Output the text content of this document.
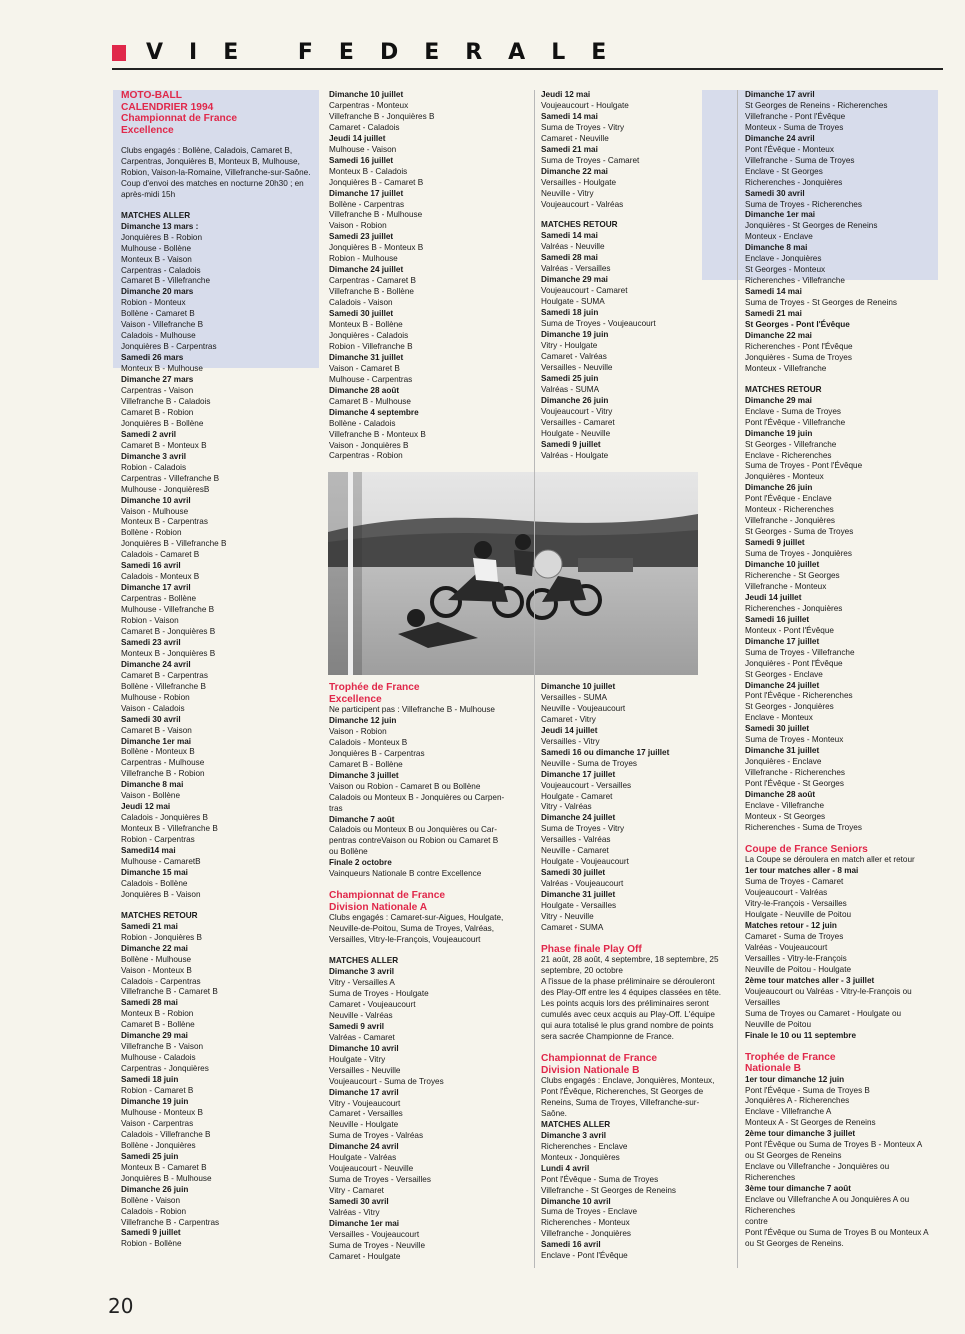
VIE FEDERALE
MOTO-BALL
CALENDRIER 1994
Championnat de France
Excellence
Clubs engagés : Bollène, Caladois, Camaret B, Carpentras, Jonquières B, Monteux B, Mulhouse, Robion, Vaison-la-Romaine, Villefranche-sur-Saône.
Coup d'envoi des matches en nocturne 20h30 ; en après-midi 15h
MATCHES ALLER
Dimanche 13 mars :
Jonquières B - Robion
Mulhouse - Bollène
Monteux B - Vaison
Carpentras - Caladois
Camaret B - Villefranche
Dimanche 20 mars
Robion - Monteux
Bollène - Camaret B
Vaison - Villefranche B
Caladois - Mulhouse
Jonquières B - Carpentras
Samedi 26 mars
Monteux B - Mulhouse
Dimanche 27 mars
Carpentras - Vaison
Villefranche B - Caladois
Camaret B - Robion
Jonquières B - Bollène
Samedi 2 avril
Camaret B - Monteux B
Dimanche 3 avril
Robion - Caladois
Carpentras - Villefranche B
Mulhouse - JonquièresB
Dimanche 10 avril
Vaison - Mulhouse
Monteux B - Carpentras
Bollène - Robion
Jonquières B - Villefranche B
Caladois - Camaret B
Samedi 16 avril
Caladois - Monteux B
Dimanche 17 avril
Carpentras - Bollène
Mulhouse - Villefranche B
Robion - Vaison
Camaret B - Jonquières B
Samedi 23 avril
Monteux B - Jonquières B
Dimanche 24 avril
Camaret B - Carpentras
Bollène - Villefranche B
Mulhouse - Robion
Vaison - Caladois
Samedi 30 avril
Camaret B - Vaison
Dimanche 1er mai
Bollène - Monteux B
Carpentras - Mulhouse
Villefranche B - Robion
Dimanche 8 mai
Vaison - Bollène
Jeudi 12 mai
Caladois - Jonquières B
Monteux B - Villefranche B
Robion - Carpentras
Samedi14 mai
Mulhouse - CamaretB
Dimanche 15 mai
Caladois - Bollène
Jonquières B - Vaison
MATCHES RETOUR
Samedi 21 mai
Robion - Jonquières B
Dimanche 22 mai
Bollène - Mulhouse
Vaison - Monteux B
Caladois - Carpentras
Villefranche B - Camaret B
Samedi 28 mai
Monteux B - Robion
Camaret B - Bollène
Dimanche 29 mai
Villefranche B - Vaison
Mulhouse - Caladois
Carpentras - Jonquières
Samedi 18 juin
Robion - Camaret B
Dimanche 19 juin
Mulhouse - Monteux B
Vaison - Carpentras
Caladois - Villefranche B
Bollène - Jonquières
Samedi 25 juin
Monteux B - Camaret B
Jonquières B - Mulhouse
Dimanche 26 juin
Bollène - Vaison
Caladois - Robion
Villefranche B - Carpentras
Samedi 9 juillet
Robion - Bollène
Dimanche 10 juillet
Carpentras - Monteux
Villefranche B - Jonquières B
Camaret - Caladois
Jeudi 14 juillet
Mulhouse - Vaison
Samedi 16 juillet
Monteux B - Caladois
Jonquières B - Camaret B
Dimanche 17 juillet
Bollène - Carpentras
Villefranche B - Mulhouse
Vaison - Robion
Samedi 23 juillet
Jonquières B - Monteux B
Robion - Mulhouse
Dimanche 24 juillet
Carpentras - Camaret B
Villefranche B - Bollène
Caladois - Vaison
Samedi 30 juillet
Monteux B - Bollène
Jonquières - Caladois
Robion - Villefranche B
Dimanche 31 juillet
Vaison - Camaret B
Mulhouse - Carpentras
Dimanche 28 août
Camaret B - Mulhouse
Dimanche 4 septembre
Bollène - Caladois
Villefranche B - Monteux B
Vaison - Jonquières B
Carpentras - Robion
Jeudi 12 mai
Voujeaucourt - Houlgate
Samedi 14 mai
Suma de Troyes - Vitry
Camaret - Neuville
Samedi 21 mai
Suma de Troyes - Camaret
Dimanche 22 mai
Versailles - Houlgate
Neuville - Vitry
Voujeaucourt - Valréas
MATCHES RETOUR
Samedi 14 mai
Valréas - Neuville
Samedi 28 mai
Valréas - Versailles
Dimanche 29 mai
Voujeaucourt - Camaret
Houlgate - SUMA
Samedi 18 juin
Suma de Troyes - Voujeaucourt
Dimanche 19 juin
Vitry - Houlgate
Camaret - Valréas
Versailles - Neuville
Samedi 25 juin
Valréas - SUMA
Dimanche 26 juin
Voujeaucourt - Vitry
Versailles - Camaret
Houlgate - Neuville
Samedi 9 juillet
Valréas - Houlgate
Trophée de France
Excellence
Ne participent pas : Villefranche B - Mulhouse
Dimanche 12 juin
Vaison - Robion
Caladois - Monteux B
Jonquières B - Carpentras
Camaret B - Bollène
Dimanche 3 juillet
Vaison ou Robion - Camaret B ou Bollène
Caladois ou Monteux B - Jonquières ou Carpen-
tras
Dimanche 7 août
Caladois ou Monteux B ou Jonquières ou Car-
pentras contreVaison ou Robion ou Camaret B
ou Bollène
Finale 2 octobre
Vainqueurs Nationale B contre Excellence
Championnat de France
Division Nationale A
Clubs engagés : Camaret-sur-Aigues, Houlgate, Neuville-de-Poitou, Suma de Troyes, Valréas, Versailles, Vitry-le-François, Voujeaucourt
MATCHES ALLER
Dimanche 3 avril
Vitry - Versailles A
Suma de Troyes - Houlgate
Camaret - Voujeaucourt
Neuville - Valréas
Samedi 9 avril
Valréas - Camaret
Dimanche 10 avril
Houlgate - Vitry
Versailles - Neuville
Voujeaucourt - Suma de Troyes
Dimanche 17 avril
Vitry - Voujeaucourt
Camaret - Versailles
Neuville - Houlgate
Suma de Troyes - Valréas
Dimanche 24 avril
Houlgate - Valréas
Voujeaucourt - Neuville
Suma de Troyes - Versailles
Vitry - Camaret
Samedi 30 avril
Valréas - Vitry
Dimanche 1er mai
Versailles - Voujeaucourt
Suma de Troyes - Neuville
Camaret - Houlgate
Dimanche 10 juillet
Versailles - SUMA
Neuville - Voujeaucourt
Camaret - Vitry
Jeudi 14 juillet
Versailles - Vitry
Samedi 16 ou dimanche 17 juillet
Neuville - Suma de Troyes
Dimanche 17 juillet
Voujeaucourt - Versailles
Houlgate - Camaret
Vitry - Valréas
Dimanche 24 juillet
Suma de Troyes - Vitry
Versailles - Valréas
Neuville - Camaret
Houlgate - Voujeaucourt
Samedi 30 juillet
Valréas - Voujeaucourt
Dimanche 31 juillet
Houlgate - Versailles
Vitry - Neuville
Camaret - SUMA
Phase finale Play Off
21 août, 28 août, 4 septembre, 18 septembre, 25 septembre, 20 octobre
A l'issue de la phase préliminaire se dérouleront des Play-Off entre les 4 équipes classées en tête. Les points acquis lors des préliminaires seront cumulés avec ceux acquis au Play-Off. L'équipe qui aura totalisé le plus grand nombre de points sera sacrée Championne de France.
Championnat de France
Division Nationale B
Clubs engagés : Enclave, Jonquières, Monteux, Pont l'Évêque, Richerenches, St Georges de Reneins, Suma de Troyes, Villefranche-sur-Saône.
MATCHES ALLER
Dimanche 3 avril
Richerenches - Enclave
Monteux - Jonquières
Lundi 4 avril
Pont l'Évêque - Suma de Troyes
Villefranche - St Georges de Reneins
Dimanche 10 avril
Suma de Troyes - Enclave
Richerenches - Monteux
Villefranche - Jonquières
Samedi 16 avril
Enclave - Pont l'Évêque
Dimanche 17 avril
St Georges de Reneins - Richerenches
Villefranche - Pont l'Évêque
Monteux - Suma de Troyes
Dimanche 24 avril
Pont l'Évêque - Monteux
Villefranche - Suma de Troyes
Enclave - St Georges
Richerenches - Jonquières
Samedi 30 avril
Suma de Troyes - Richerenches
Dimanche 1er mai
Jonquières - St Georges de Reneins
Monteux - Enclave
Dimanche 8 mai
Enclave - Jonquières
St Georges - Monteux
Richerenches - Villefranche
Samedi 14 mai
Suma de Troyes - St Georges de Reneins
Samedi 21 mai
St Georges - Pont l'Évêque
Dimanche 22 mai
Richerenches - Pont l'Évêque
Jonquières - Suma de Troyes
Monteux - Villefranche
MATCHES RETOUR
Dimanche 29 mai
Enclave - Suma de Troyes
Pont l'Évêque - Villefranche
Dimanche 19 juin
St Georges - Villefranche
Enclave - Richerenches
Suma de Troyes - Pont l'Évêque
Jonquières - Monteux
Dimanche 26 juin
Pont l'Évêque - Enclave
Monteux - Richerenches
Villefranche - Jonquières
St Georges - Suma de Troyes
Samedi 9 juillet
Suma de Troyes - Jonquières
Dimanche 10 juillet
Richerenche - St Georges
Villefranche - Monteux
Jeudi 14 juillet
Richerenches - Jonquières
Samedi 16 juillet
Monteux - Pont l'Évêque
Dimanche 17 juillet
Suma de Troyes - Villefranche
Jonquières - Pont l'Évêque
St Georges - Enclave
Dimanche 24 juillet
Pont l'Évêque - Richerenches
St Georges - Jonquières
Enclave - Monteux
Samedi 30 juillet
Suma de Troyes - Monteux
Dimanche 31 juillet
Jonquières - Enclave
Villefranche - Richerenches
Pont l'Évêque - St Georges
Dimanche 28 août
Enclave - Villefranche
Monteux - St Georges
Richerenches - Suma de Troyes
Coupe de France Seniors
La Coupe se déroulera en match aller et retour
1er tour matches aller - 8 mai
Suma de Troyes - Camaret
Voujeaucourt - Valréas
Vitry-le-François - Versailles
Houlgate - Neuville de Poitou
Matches retour - 12 juin
Camaret - Suma de Troyes
Valréas - Voujeaucourt
Versailles - Vitry-le-François
Neuville de Poitou - Houlgate
2ème tour matches aller - 3 juillet
Voujeaucourt ou Valréas - Vitry-le-François ou Versailles
Suma de Troyes ou Camaret - Houlgate ou Neuville de Poitou
Finale le 10 ou 11 septembre
Trophée de France
Nationale B
1er tour dimanche 12 juin
Pont l'Évêque - Suma de Troyes B
Jonquières A - Richerenches
Enclave - Villefranche A
Monteux A - St Georges de Reneins
2ème tour dimanche 3 juillet
Pont l'Évêque ou Suma de Troyes B - Monteux A ou St Georges de Reneins
Enclave ou Villefranche - Jonquières ou Richerenches
3ème tour dimanche 7 août
Enclave ou Villefranche A ou Jonquières A ou Richerenches
contre
Pont l'Évêque ou Suma de Troyes B ou Monteux A ou St Georges de Reneins.
20
